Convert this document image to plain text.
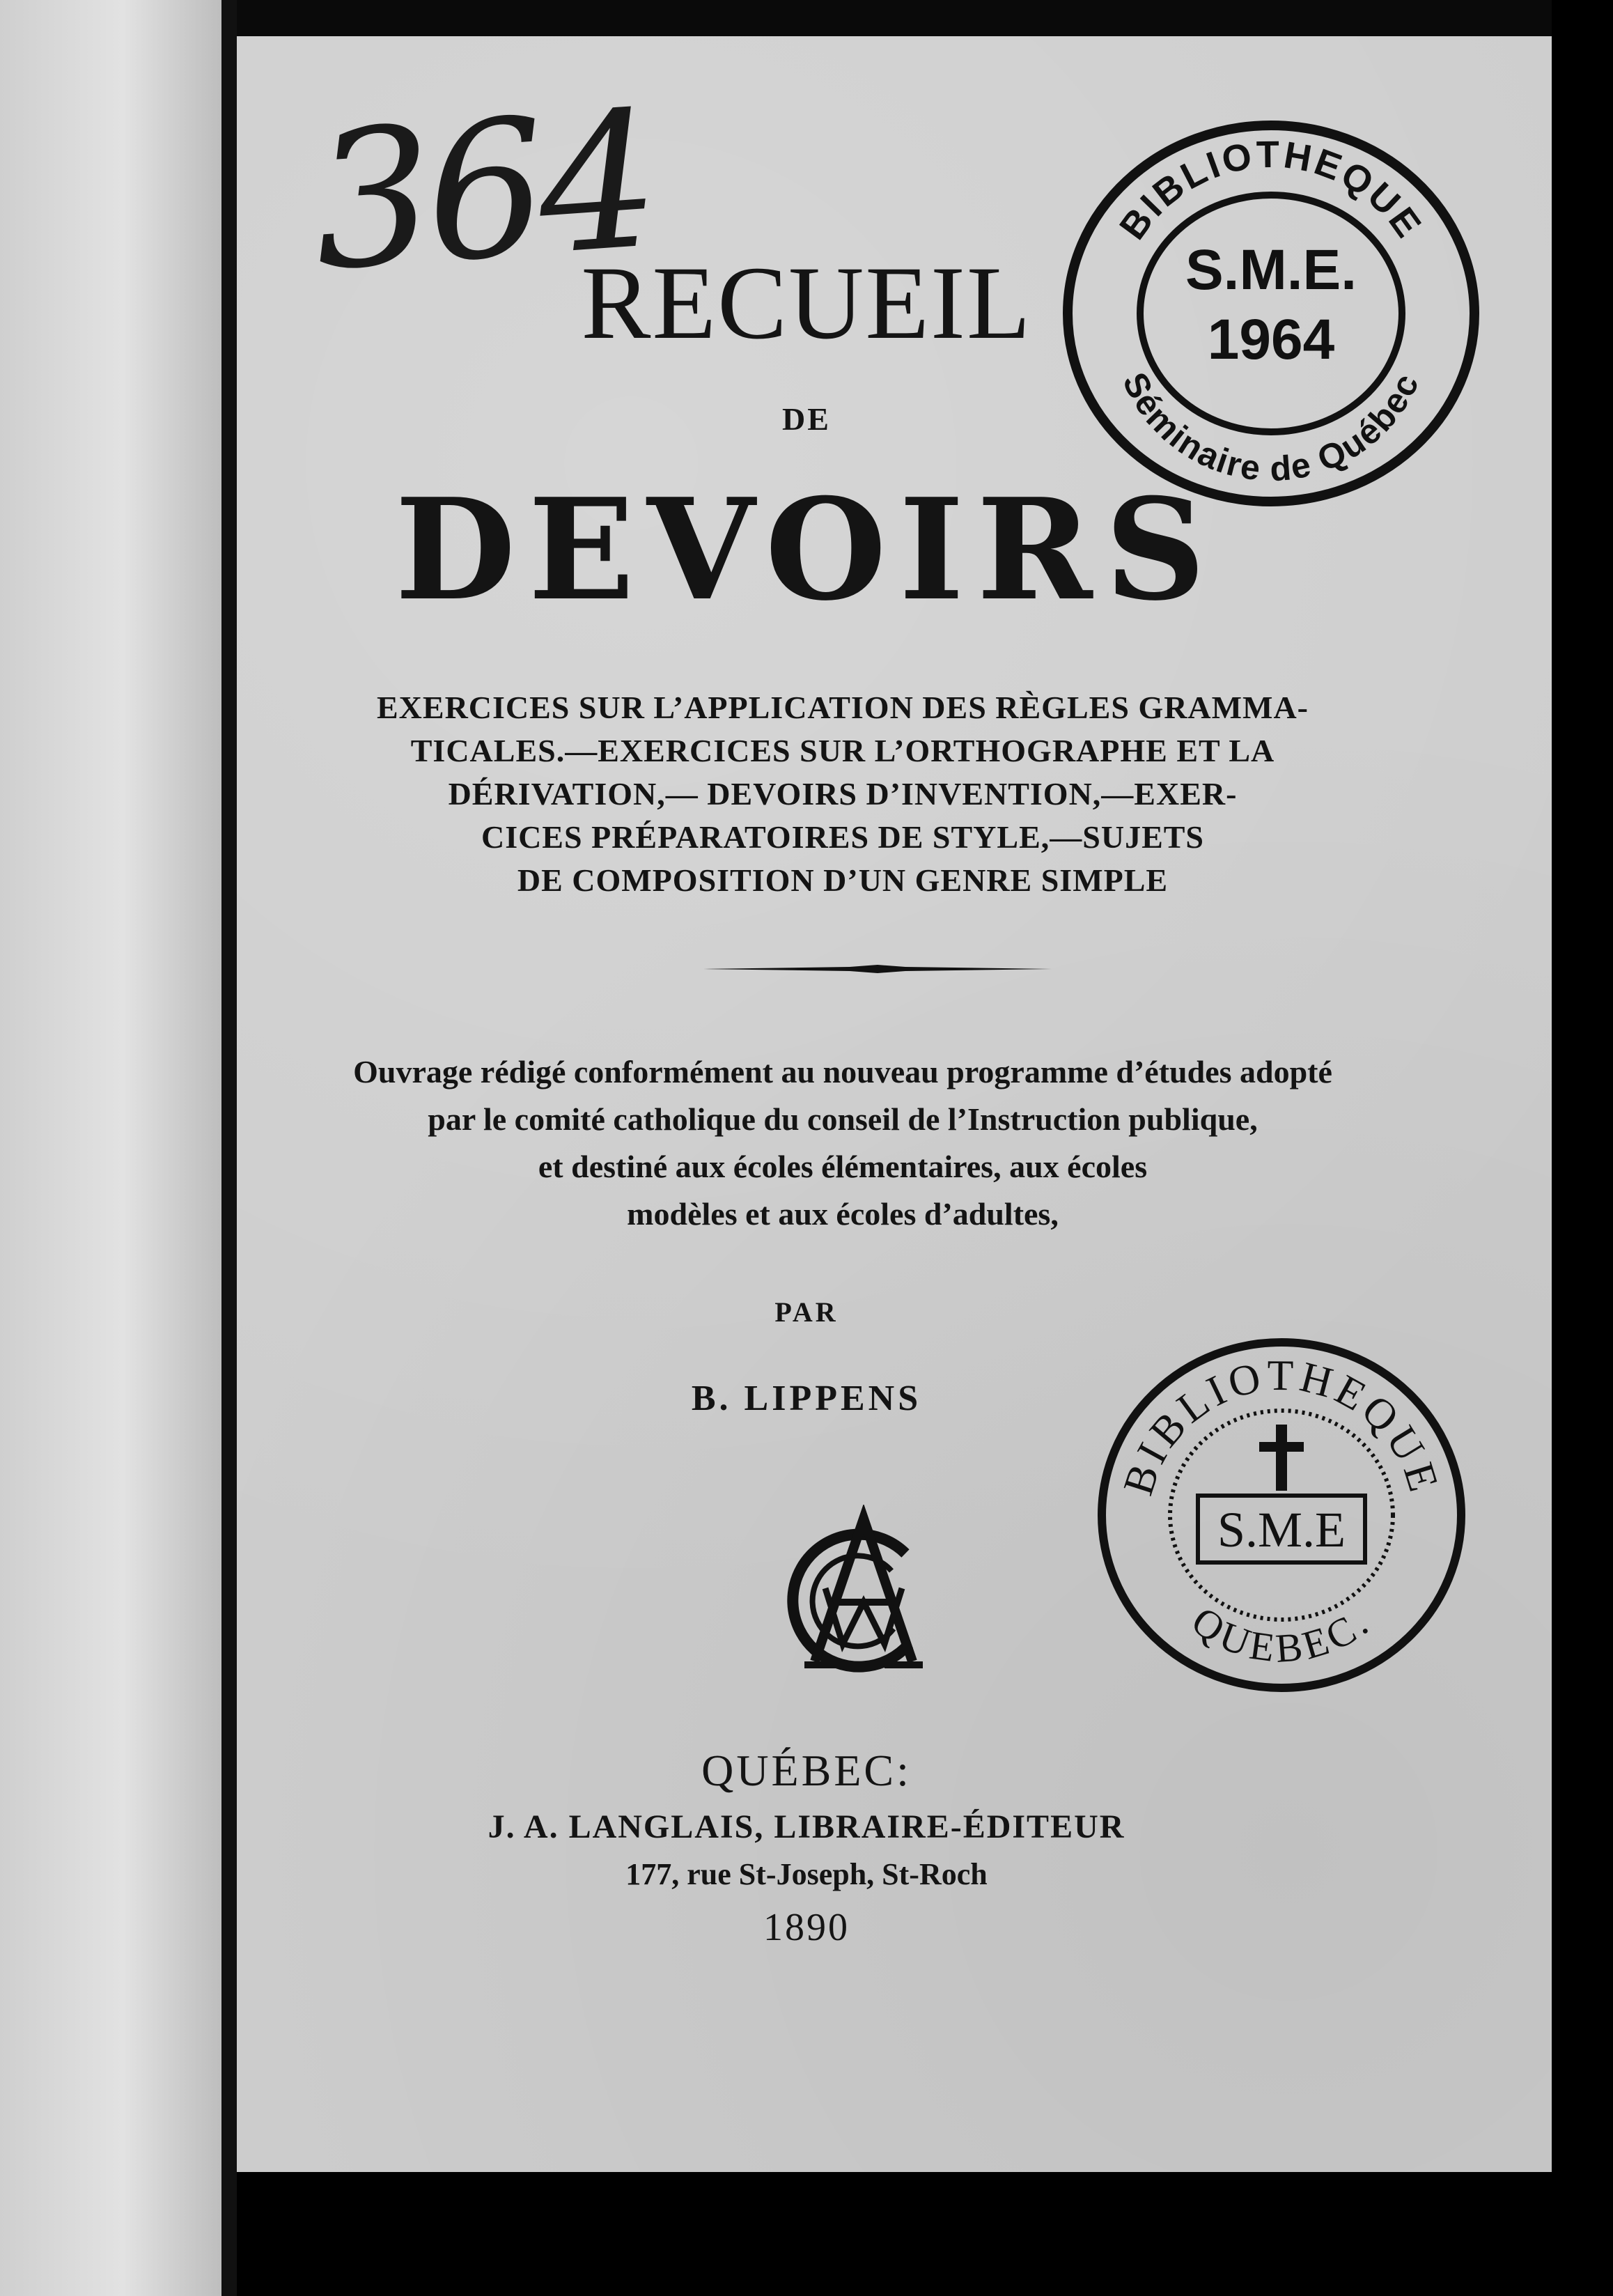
364
RECUEIL
DE
DEVOIRS
EXERCICES SUR L’APPLICATION DES RÈGLES GRAMMA-
TICALES.—EXERCICES SUR L’ORTHOGRAPHE ET LA
DÉRIVATION,— DEVOIRS D’INVENTION,—EXER-
CICES PRÉPARATOIRES DE STYLE,—SUJETS
DE COMPOSITION D’UN GENRE SIMPLE
Ouvrage rédigé conformément au nouveau programme d’études adopté
par le comité catholique du conseil de l’Instruction publique,
et destiné aux écoles élémentaires, aux écoles
modèles et aux écoles d’adultes,
PAR
B. LIPPENS
QUÉBEC:
J. A. LANGLAIS, LIBRAIRE-ÉDITEUR
177, rue St-Joseph, St-Roch
1890
BIBLIOTHEQUE
Séminaire de Québec
S.M.E.
1964
BIBLIOTHEQUE
QUEBEC.
S.M.E
